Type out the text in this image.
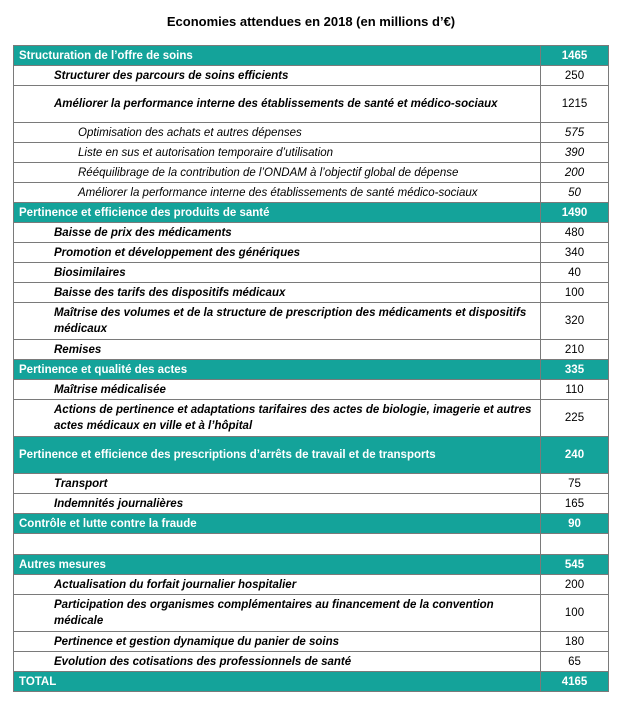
Economies attendues en 2018 (en millions d’€)
Structuration de l’offre de soins	1465
Structurer des parcours de soins efficients	250
Améliorer la performance interne des établissements de santé et médico-sociaux	1215
Optimisation des achats et autres dépenses	575
Liste en sus et autorisation temporaire d’utilisation	390
Rééquilibrage de la contribution de l’ONDAM à l’objectif global de dépense	200
Améliorer la performance interne des établissements de santé médico-sociaux	50
Pertinence et efficience des produits de santé	1490
Baisse de prix des médicaments	480
Promotion et développement des génériques	340
Biosimilaires	40
Baisse des tarifs des dispositifs médicaux	100
Maîtrise des volumes et de la structure de prescription des médicaments et dispositifs médicaux	320
Remises	210
Pertinence et qualité des actes	335
Maîtrise médicalisée	110
Actions de pertinence et adaptations tarifaires des actes de biologie, imagerie et autres actes médicaux en ville et à l’hôpital	225
Pertinence et efficience des prescriptions d’arrêts de travail et de transports	240
Transport	75
Indemnités journalières	165
Contrôle et lutte contre la fraude	90

Autres mesures	545
Actualisation du forfait journalier hospitalier	200
Participation des organismes complémentaires au financement de la convention médicale	100
Pertinence et gestion dynamique du panier de soins	180
Evolution des cotisations des professionnels de santé	65
TOTAL	4165
